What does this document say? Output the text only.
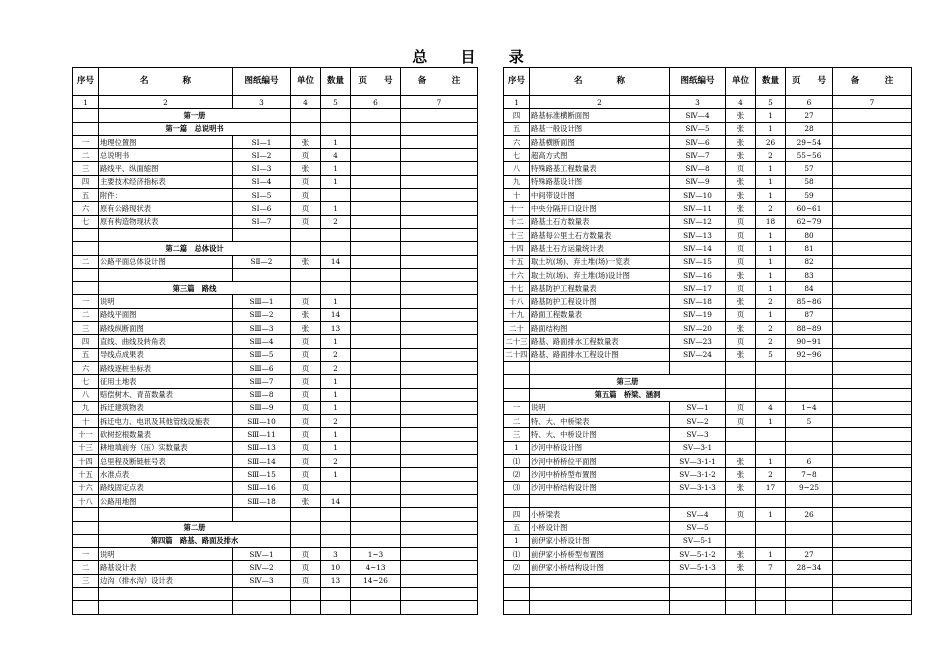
总 目 录
序号	名　　　　称	图纸编号	单位	数量	页　　号	备　　　注
1	2	3	4	5	6	7
	第一册					
	第一篇　总说明书					
一	地理位置图	SⅠ—1	张	1		
二	总说明书	SⅠ—2	页	4		
三	路线平、纵面缩图	SⅠ—3	张	1		
四	主要技术经济指标表	SⅠ—4	页	1		
五	附件：	SⅠ—5	页			
六	原有公路现状表	SⅠ—6	页	1		
七	原有构造物现状表	SⅠ—7	页	2		

	第二篇　总体设计					
二	公路平面总体设计图	SⅡ—2	张	14		

	第三篇　路线					
一	说明	SⅢ—1	页	1		
二	路线平面图	SⅢ—2	张	14		
三	路线纵断面图	SⅢ—3	张	13		
四	直线、曲线及转角表	SⅢ—4	页	1		
五	导线点成果表	SⅢ—5	页	2		
六	路线逐桩坐标表	SⅢ—6	页	2		
七	征用土地表	SⅢ—7	页	1		
八	赔偿树木、青苗数量表	SⅢ—8	页	1		
九	拆迁建筑物表	SⅢ—9	页	1		
十	拆迁电力、电讯及其他管线设施表	SⅢ—10	页	2		
十一	砍树挖根数量表	SⅢ—11	页	1		
十三	耕地填前夯（压）实数量表	SⅢ—13	页	1		
十四	总里程及断链桩号表	SⅢ—14	页	2		
十五	水准点表	SⅢ—15	页	1		
十六	路线固定点表	SⅢ—16	页			
十八	公路用地图	SⅢ—18	张	14		

	第二册					
	第四篇　路基、路面及排水					
一	说明	SⅣ—1	页	3	1~3	
二	路基设计表	SⅣ—2	页	10	4~13	
三	边沟（排水沟）设计表	SⅣ—3	页	13	14~26	

序号	名　　　　称	图纸编号	单位	数量	页　　号	备　　　注
1	2	3	4	5	6	7
四	路基标准横断面图	SⅣ—4	张	1	27	
五	路基一般设计图	SⅣ—5	张	1	28	
六	路基横断面图	SⅣ—6	张	26	29~54	
七	超高方式图	SⅣ—7	张	2	55~56	
八	特殊路基工程数量表	SⅣ—8	页	1	57	
九	特殊路基设计图	SⅣ—9	张	1	58	
十	中间带设计图	SⅣ—10	张	1	59	
十一	中央分隔开口设计图	SⅣ—11	张	2	60~61	
十二	路基土石方数量表	SⅣ—12	页	18	62~79	
十三	路基每公里土石方数量表	SⅣ—13	页	1	80	
十四	路基土石方运量统计表	SⅣ—14	页	1	81	
十五	取土坑(场)、弃土堆(场)一览表	SⅣ—15	页	1	82	
十六	取土坑(场)、弃土堆(场)设计图	SⅣ—16	张	1	83	
十七	路基防护工程数量表	SⅣ—17	页	1	84	
十八	路基防护工程设计图	SⅣ—18	张	2	85~86	
十九	路面工程数量表	SⅣ—19	页	1	87	
二十	路面结构图	SⅣ—20	张	2	88~89	
二十三	路基、路面排水工程数量表	SⅣ—23	页	2	90~91	
二十四	路基、路面排水工程设计图	SⅣ—24	张	5	92~96	

	第三册					
	第五篇　桥梁、涵洞					
一	说明	SⅤ—1	页	4	1~4	
二	特、大、中桥梁表	SⅤ—2	页	1	5	
三	特、大、中桥设计图	SⅤ—3				
1	沙河中桥设计图	SⅤ—3-1				
⑴	沙河中桥桥位平面图	SⅤ—3-1-1	张	1	6	
⑵	沙河中桥桥型布置图	SⅤ—3-1-2	张	2	7~8	
⑶	沙河中桥结构设计图	SⅤ—3-1-3	张	17	9~25	

四	小桥梁表	SⅤ—4	页	1	26	
五	小桥设计图	SⅤ—5				
1	前伊家小桥设计图	SⅤ—5-1				
⑴	前伊家小桥桥型布置图	SⅤ—5-1-2	张	1	27	
⑵	前伊家小桥结构设计图	SⅤ—5-1-3	张	7	28~34	
